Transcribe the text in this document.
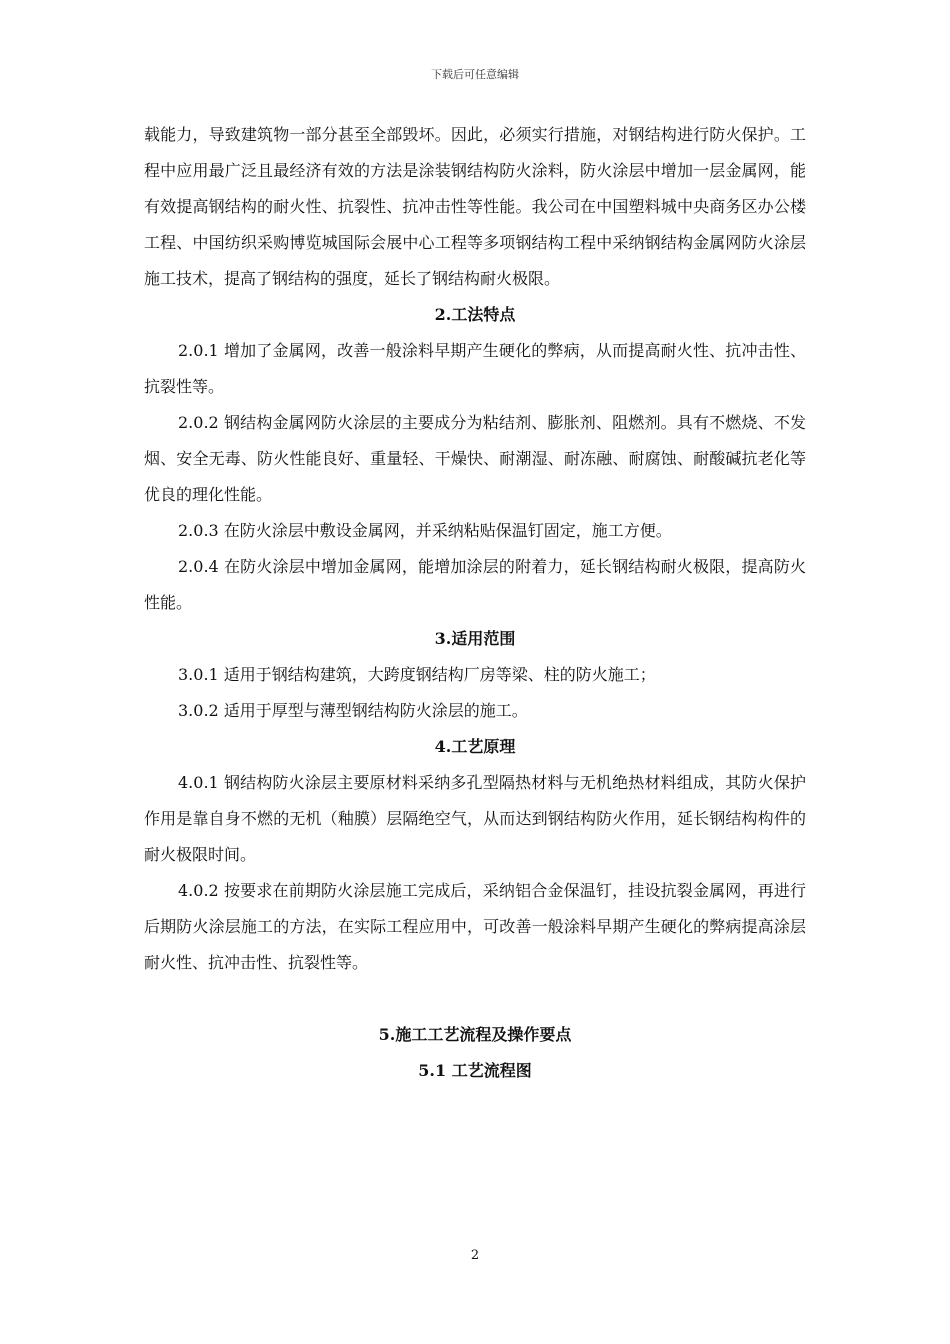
下载后可任意编辑

载能力，导致建筑物一部分甚至全部毁坏。因此，必须实行措施，对钢结构进行防火保护。工程中应用最广泛且最经济有效的方法是涂装钢结构防火涂料，防火涂层中增加一层金属网，能有效提高钢结构的耐火性、抗裂性、抗冲击性等性能。我公司在中国塑料城中央商务区办公楼工程、中国纺织采购博览城国际会展中心工程等多项钢结构工程中采纳钢结构金属网防火涂层施工技术，提高了钢结构的强度，延长了钢结构耐火极限。

2.工法特点

2.0.1 增加了金属网，改善一般涂料早期产生硬化的弊病，从而提高耐火性、抗冲击性、抗裂性等。

2.0.2 钢结构金属网防火涂层的主要成分为粘结剂、膨胀剂、阻燃剂。具有不燃烧、不发烟、安全无毒、防火性能良好、重量轻、干燥快、耐潮湿、耐冻融、耐腐蚀、耐酸碱抗老化等优良的理化性能。

2.0.3 在防火涂层中敷设金属网，并采纳粘贴保温钉固定，施工方便。

2.0.4 在防火涂层中增加金属网，能增加涂层的附着力，延长钢结构耐火极限，提高防火性能。

3.适用范围

3.0.1 适用于钢结构建筑，大跨度钢结构厂房等梁、柱的防火施工；

3.0.2 适用于厚型与薄型钢结构防火涂层的施工。

4.工艺原理

4.0.1 钢结构防火涂层主要原材料采纳多孔型隔热材料与无机绝热材料组成，其防火保护作用是靠自身不燃的无机（釉膜）层隔绝空气，从而达到钢结构防火作用，延长钢结构构件的耐火极限时间。

4.0.2 按要求在前期防火涂层施工完成后，采纳铝合金保温钉，挂设抗裂金属网，再进行后期防火涂层施工的方法，在实际工程应用中，可改善一般涂料早期产生硬化的弊病提高涂层耐火性、抗冲击性、抗裂性等。

5.施工工艺流程及操作要点

5.1 工艺流程图

2
